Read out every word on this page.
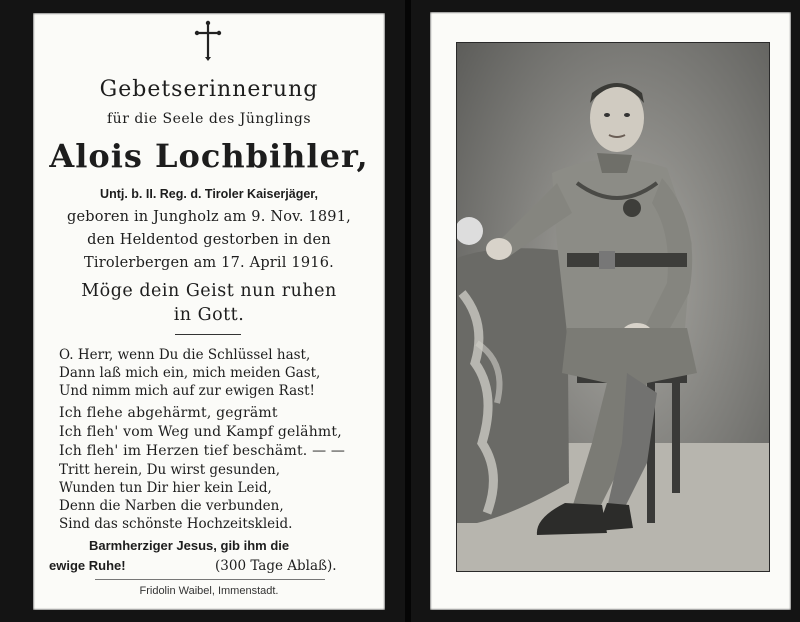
Gebetserinnerung
für die Seele des Jünglings
Alois Lochbihler,
Untj. b. II. Reg. d. Tiroler Kaiserjäger,
geboren in Jungholz am 9. Nov. 1891,
den Heldentod gestorben in den
Tirolerbergen am 17. April 1916.
Möge dein Geist nun ruhen
in Gott.
O. Herr, wenn Du die Schlüssel hast,
Dann laß mich ein, mich meiden Gast,
Und nimm mich auf zur ewigen Rast!
Ich flehe abgehärmt, gegrämt
Ich fleh' vom Weg und Kampf gelähmt,
Ich fleh' im Herzen tief beschämt. — —
Tritt herein, Du wirst gesunden,
Wunden tun Dir hier kein Leid,
Denn die Narben die verbunden,
Sind das schönste Hochzeitskleid.
Barmherziger Jesus, gib ihm die
ewige Ruhe!	(300 Tage Ablaß).
Fridolin Waibel, Immenstadt.
